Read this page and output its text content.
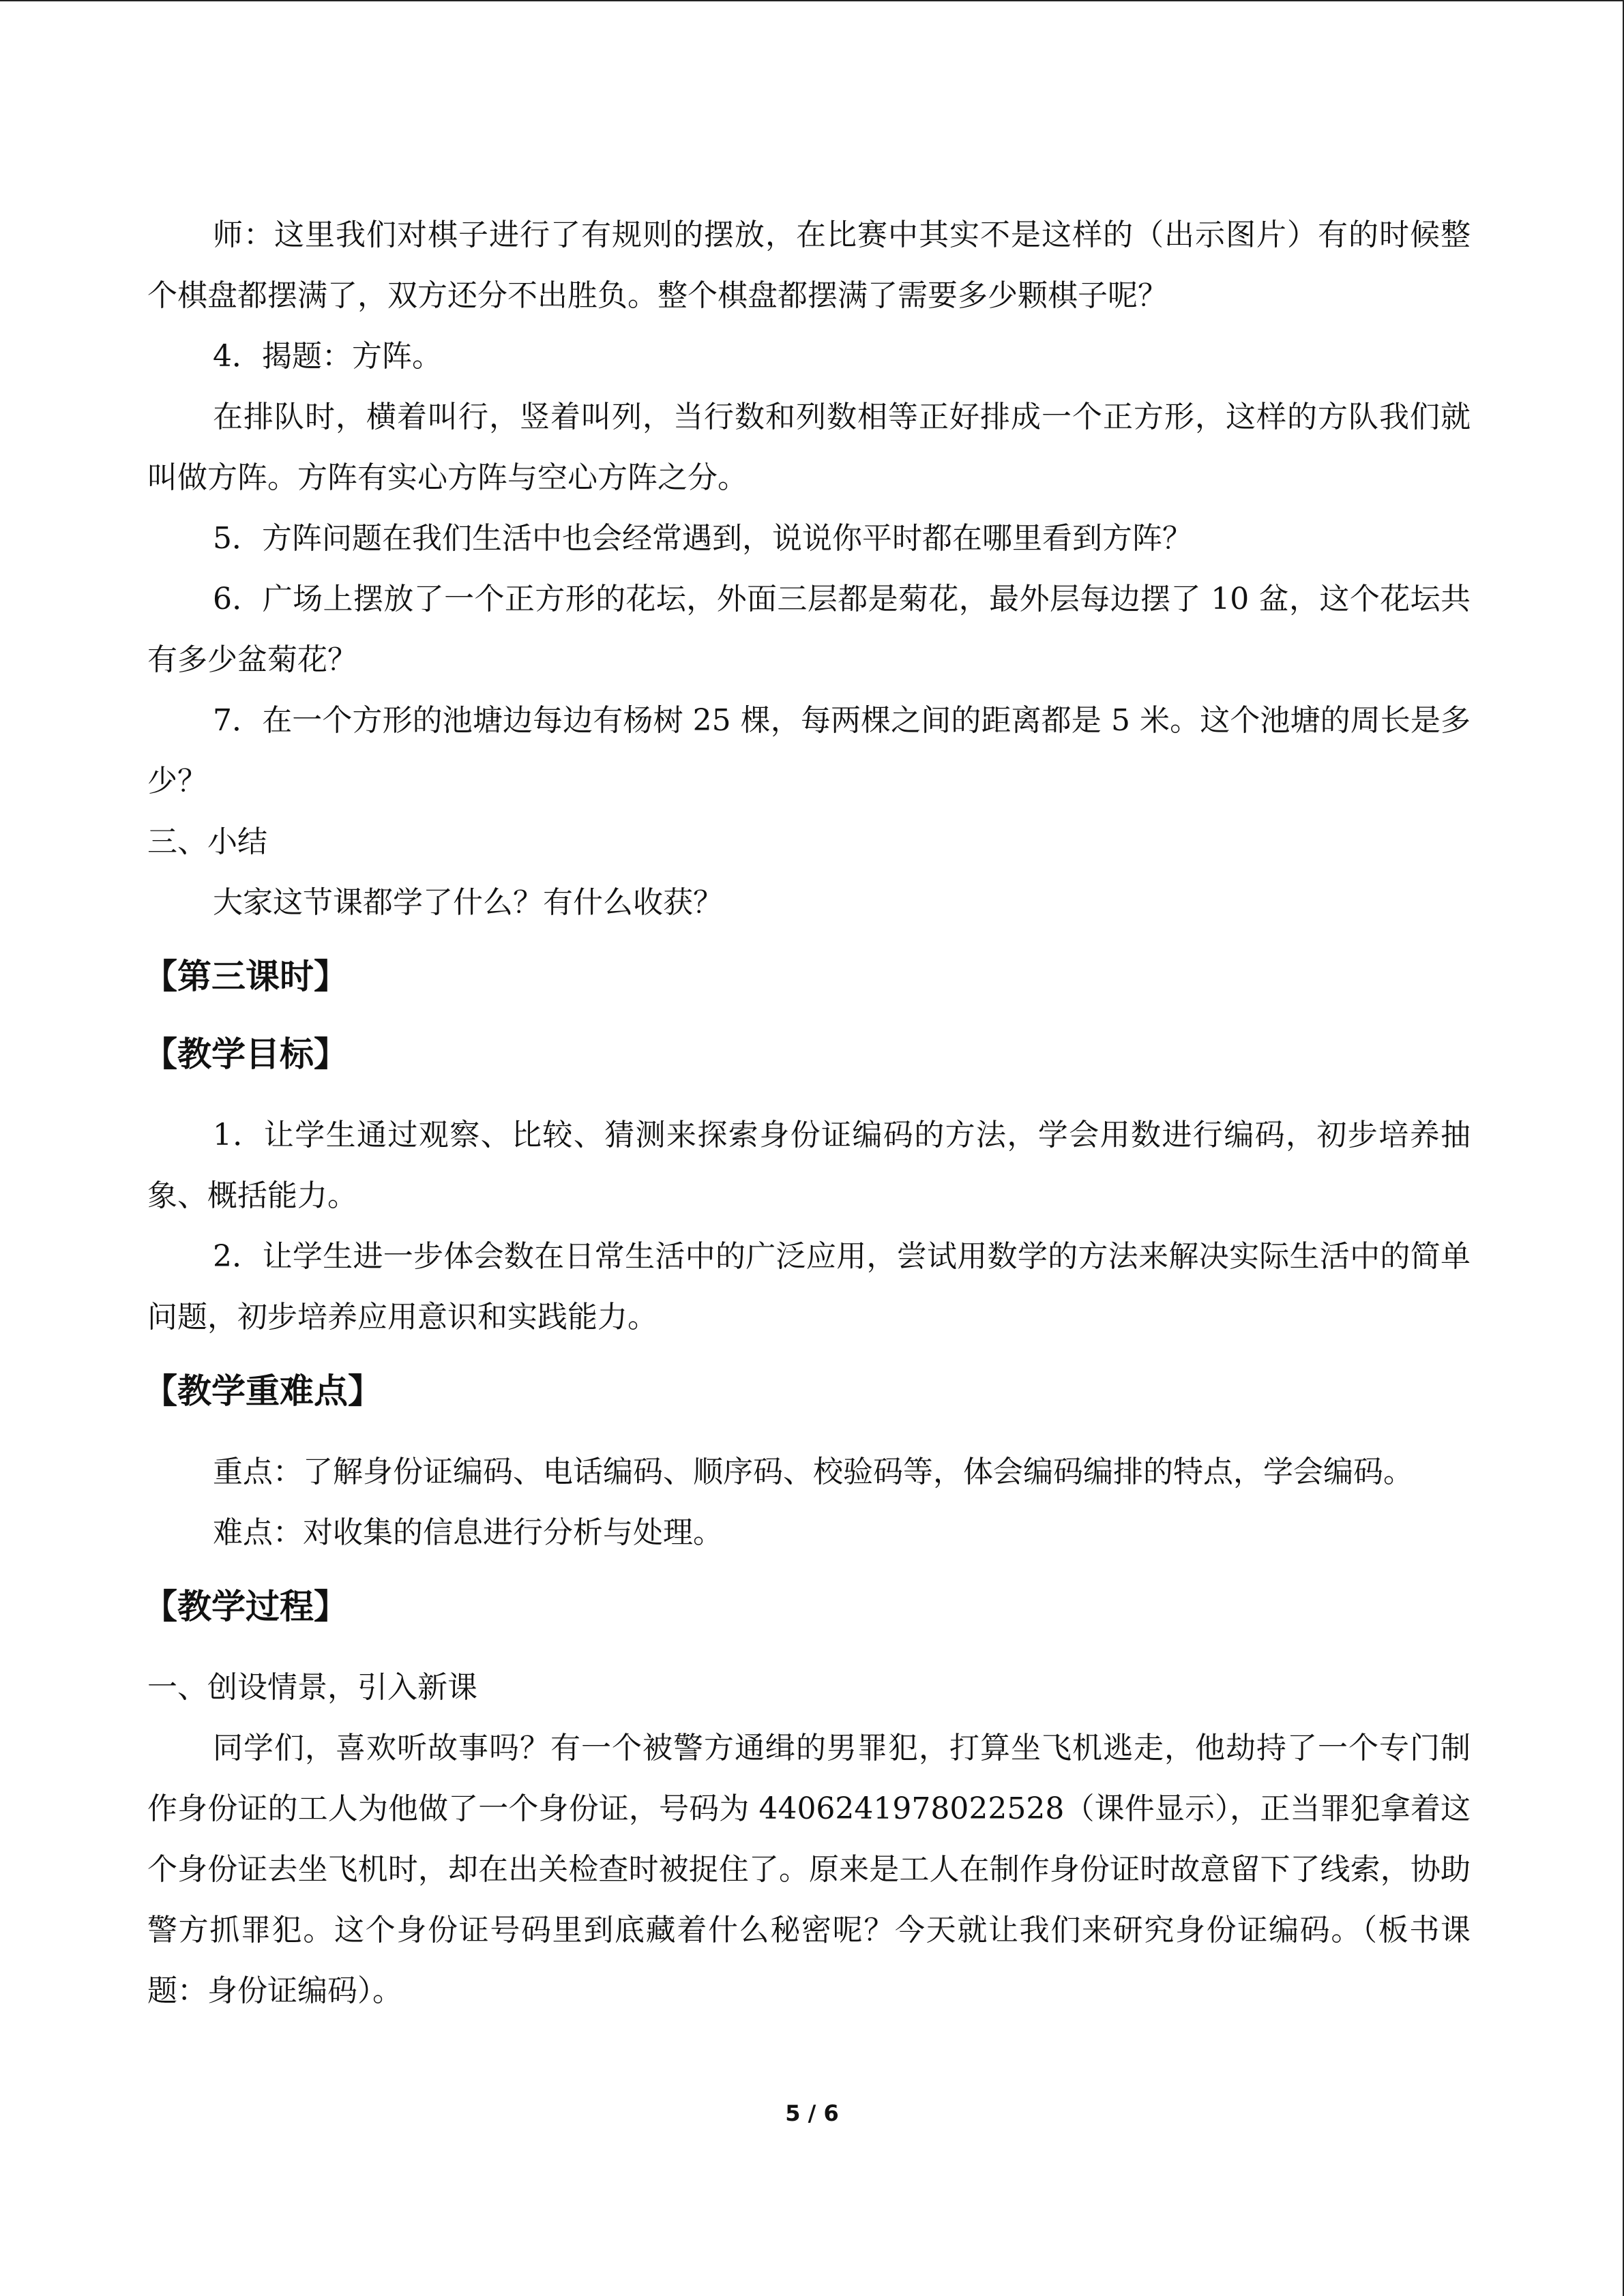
师：这里我们对棋子进行了有规则的摆放，在比赛中其实不是这样的（出示图片）有的时候整个棋盘都摆满了，双方还分不出胜负。整个棋盘都摆满了需要多少颗棋子呢？

4．揭题：方阵。

在排队时，横着叫行，竖着叫列，当行数和列数相等正好排成一个正方形，这样的方队我们就叫做方阵。方阵有实心方阵与空心方阵之分。

5．方阵问题在我们生活中也会经常遇到，说说你平时都在哪里看到方阵？

6．广场上摆放了一个正方形的花坛，外面三层都是菊花，最外层每边摆了 10 盆，这个花坛共有多少盆菊花？

7．在一个方形的池塘边每边有杨树 25 棵，每两棵之间的距离都是 5 米。这个池塘的周长是多少？

三、小结

大家这节课都学了什么？有什么收获？

【第三课时】
【教学目标】

1．让学生通过观察、比较、猜测来探索身份证编码的方法，学会用数进行编码，初步培养抽象、概括能力。

2．让学生进一步体会数在日常生活中的广泛应用，尝试用数学的方法来解决实际生活中的简单问题，初步培养应用意识和实践能力。

【教学重难点】

重点：了解身份证编码、电话编码、顺序码、校验码等，体会编码编排的特点，学会编码。

难点：对收集的信息进行分析与处理。

【教学过程】

一、创设情景，引入新课

同学们，喜欢听故事吗？有一个被警方通缉的男罪犯，打算坐飞机逃走，他劫持了一个专门制作身份证的工人为他做了一个身份证，号码为 4406241978022528（课件显示），正当罪犯拿着这个身份证去坐飞机时，却在出关检查时被捉住了。原来是工人在制作身份证时故意留下了线索，协助警方抓罪犯。这个身份证号码里到底藏着什么秘密呢？今天就让我们来研究身份证编码。（板书课题：身份证编码）。

5 / 6
